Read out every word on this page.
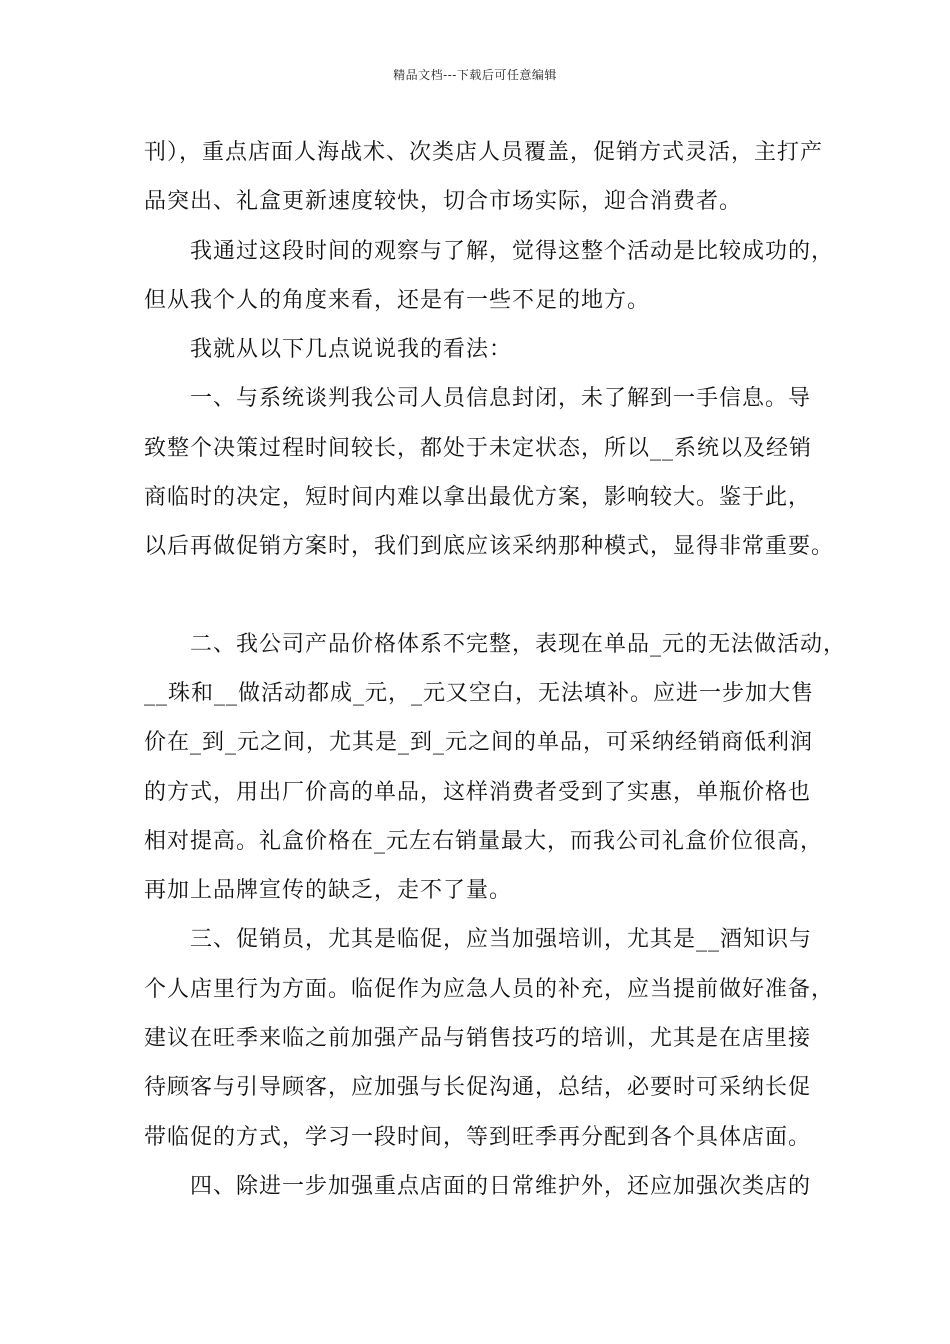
精品文档---下载后可任意编辑
刊），重点店面人海战术、次类店人员覆盖，促销方式灵活，主打产
品突出、礼盒更新速度较快，切合市场实际，迎合消费者。
我通过这段时间的观察与了解，觉得这整个活动是比较成功的，
但从我个人的角度来看，还是有一些不足的地方。
我就从以下几点说说我的看法：
一、与系统谈判我公司人员信息封闭，未了解到一手信息。导
致整个决策过程时间较长，都处于未定状态，所以__系统以及经销
商临时的决定，短时间内难以拿出最优方案，影响较大。鉴于此，
以后再做促销方案时，我们到底应该采纳那种模式，显得非常重要。
二、我公司产品价格体系不完整，表现在单品_元的无法做活动，
__珠和__做活动都成_元，_元又空白，无法填补。应进一步加大售
价在_到_元之间，尤其是_到_元之间的单品，可采纳经销商低利润
的方式，用出厂价高的单品，这样消费者受到了实惠，单瓶价格也
相对提高。礼盒价格在_元左右销量最大，而我公司礼盒价位很高，
再加上品牌宣传的缺乏，走不了量。
三、促销员，尤其是临促，应当加强培训，尤其是__酒知识与
个人店里行为方面。临促作为应急人员的补充，应当提前做好准备，
建议在旺季来临之前加强产品与销售技巧的培训，尤其是在店里接
待顾客与引导顾客，应加强与长促沟通，总结，必要时可采纳长促
带临促的方式，学习一段时间，等到旺季再分配到各个具体店面。
四、除进一步加强重点店面的日常维护外，还应加强次类店的
